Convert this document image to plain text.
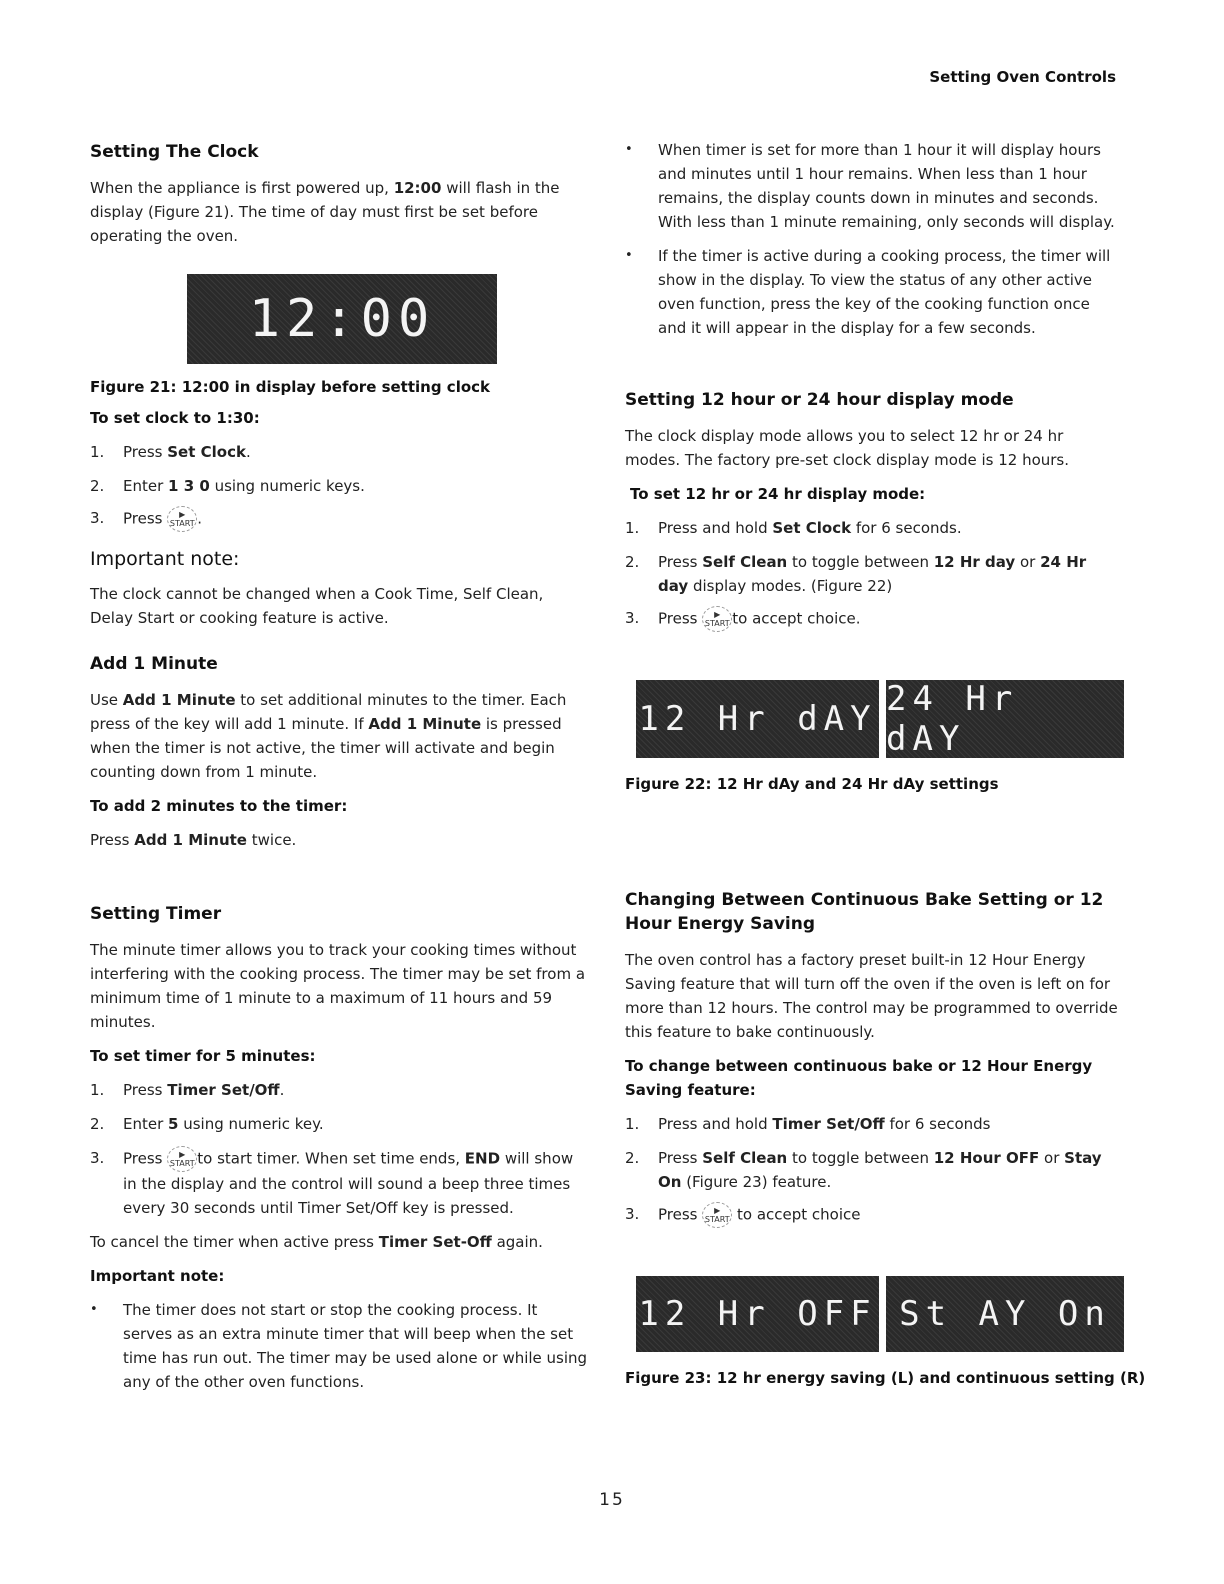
Setting Oven Controls
Setting The Clock

When the appliance is first powered up, 12:00 will flash in the display (Figure 21). The time of day must first be set before operating the oven.

12:00
Figure 21: 12:00 in display before setting clock
To set clock to 1:30:
1. Press Set Clock.
2. Enter 1 3 0 using numeric keys.
3. Press	▶
START .
Important note:

The clock cannot be changed when a Cook Time, Self Clean, Delay Start or cooking feature is active.

Add 1 Minute

Use Add 1 Minute to set additional minutes to the timer. Each press of the key will add 1 minute. If Add 1 Minute is pressed when the timer is not active, the timer will activate and begin counting down from 1 minute.

To add 2 minutes to the timer:

Press Add 1 Minute twice.

Setting Timer

The minute timer allows you to track your cooking times without interfering with the cooking process. The timer may be set from a minimum time of 1 minute to a maximum of 11 hours and 59 minutes.

To set timer for 5 minutes:
1. Press Timer Set/Off.
2. Enter 5 using numeric key.
3. Press	▶
START to start timer. When set time ends, END will show in the display and the control will sound a beep three times every 30 seconds until Timer Set/Off key is pressed.

To cancel the timer when active press Timer Set-Off again.

Important note:
• The timer does not start or stop the cooking process. It serves as an extra minute timer that will beep when the set time has run out. The timer may be used alone or while using any of the other oven functions.
• When timer is set for more than 1 hour it will display hours and minutes until 1 hour remains. When less than 1 hour remains, the display counts down in minutes and seconds. With less than 1 minute remaining, only seconds will display.
• If the timer is active during a cooking process, the timer will show in the display. To view the status of any other active oven function, press the key of the cooking function once and it will appear in the display for a few seconds.
Setting 12 hour or 24 hour display mode

The clock display mode allows you to select 12 hr or 24 hr modes. The factory pre-set clock display mode is 12 hours.

To set 12 hr or 24 hr display mode:
1. Press and hold Set Clock for 6 seconds.
2. Press Self Clean to toggle between 12 Hr day or 24 Hr day display modes. (Figure 22)
3. Press	▶
START to accept choice.
12 Hr dAY 24 Hr dAY
Figure 22: 12 Hr dAy and 24 Hr dAy settings
Changing Between Continuous Bake Setting or 12 Hour Energy Saving

The oven control has a factory preset built-in 12 Hour Energy Saving feature that will turn off the oven if the oven is left on for more than 12 hours. The control may be programmed to override this feature to bake continuously.

To change between continuous bake or 12 Hour Energy Saving feature:
1. Press and hold Timer Set/Off for 6 seconds
2. Press Self Clean to toggle between 12 Hour OFF or Stay On (Figure 23) feature.
3. Press	▶
START to accept choice
12 Hr OFF St AY On
Figure 23: 12 hr energy saving (L) and continuous setting (R)
15
